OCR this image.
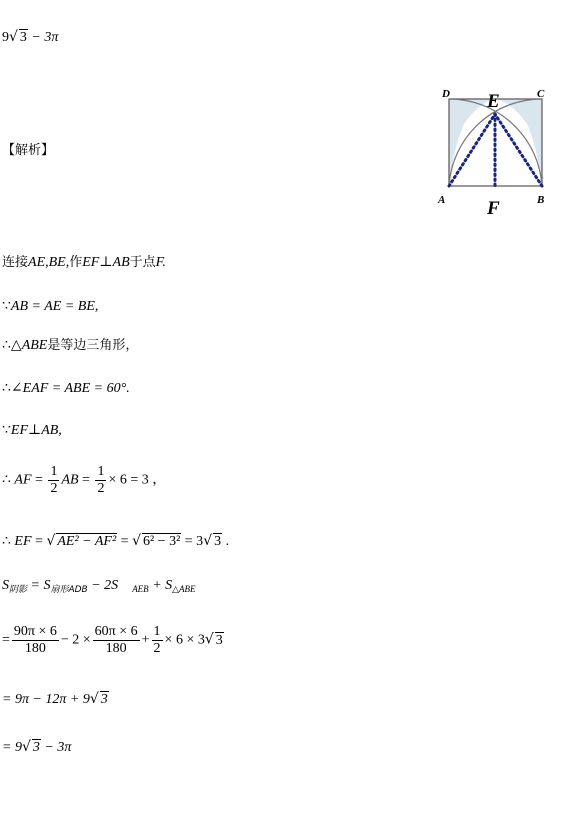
9√ 3 − 3π
【解析】
D	C
E
A	B
F
连接AE,BE,作EF⊥AB于点F.
∵AB = AE = BE,
∴△ABE是等边三角形，
∴∠EAF = ABE = 60°.
∵EF⊥AB,
∴ AF = $\frac{1}{2}$ AB = $\frac{1}{2} \times 6 = 3$ ，
∴ EF = √ AE² − AF² = √ 6² − 3² = 3√ 3 .
$S_{阴影} = S_{扇形ADB} - 2S$ $_{AEB} + S_{\triangle ABE}$
= $\frac{90\pi \times 6}{180} - 2 \times \frac{60\pi \times 6}{180} + \frac{1}{2} \times 6 \times 3√$ 3
= 9π − 12π + 9√ 3
= 9√ 3 − 3π
